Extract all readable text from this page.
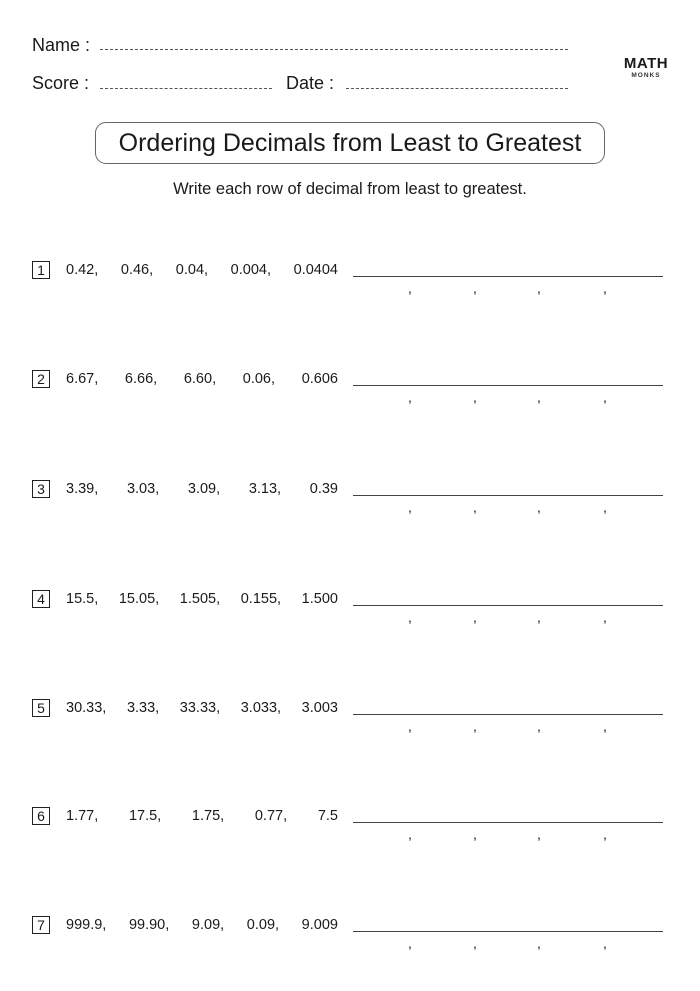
Name :
Score :	Date :
MATH
MONKS
Ordering Decimals from Least to Greatest
Write each row of decimal from least to greatest.
1	0.42, 0.46, 0.04, 0.004, 0.0404
,	,	,	,
2	6.67, 6.66, 6.60, 0.06, 0.606
,	,	,	,
3	3.39, 3.03, 3.09, 3.13, 0.39
,	,	,	,
4	15.5, 15.05, 1.505, 0.155, 1.500
,	,	,	,
5	30.33, 3.33, 33.33, 3.033, 3.003
,	,	,	,
6	1.77, 17.5, 1.75, 0.77, 7.5
,	,	,	,
7	999.9, 99.90, 9.09, 0.09, 9.009
,	,	,	,
